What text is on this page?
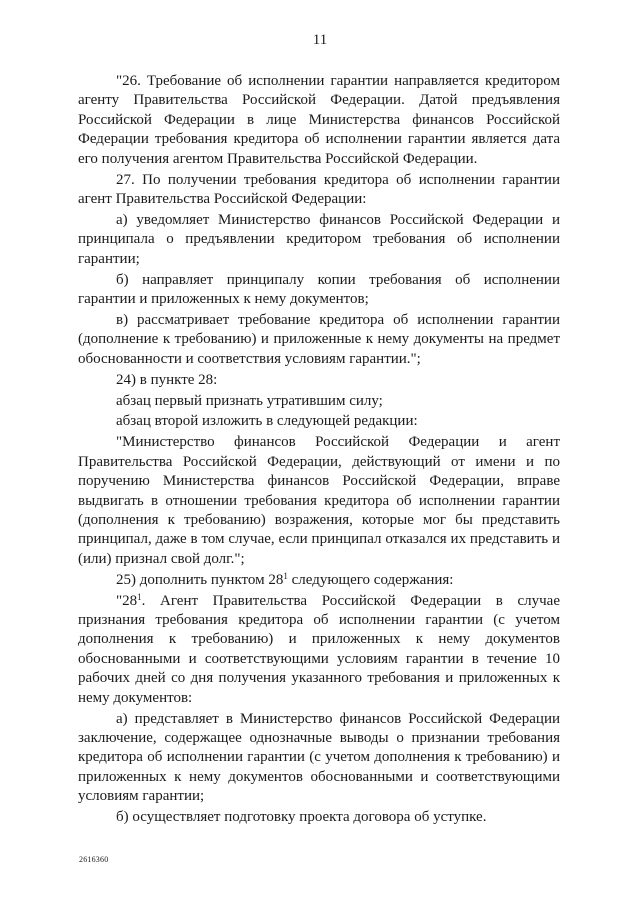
11

"26. Требование об исполнении гарантии направляется кредитором агенту Правительства Российской Федерации. Датой предъявления Российской Федерации в лице Министерства финансов Российской Федерации требования кредитора об исполнении гарантии является дата его получения агентом Правительства Российской Федерации.

27. По получении требования кредитора об исполнении гарантии агент Правительства Российской Федерации:

а) уведомляет Министерство финансов Российской Федерации и принципала о предъявлении кредитором требования об исполнении гарантии;

б) направляет принципалу копии требования об исполнении гарантии и приложенных к нему документов;

в) рассматривает требование кредитора об исполнении гарантии (дополнение к требованию) и приложенные к нему документы на предмет обоснованности и соответствия условиям гарантии.";

24) в пункте 28:

абзац первый признать утратившим силу;

абзац второй изложить в следующей редакции:

"Министерство финансов Российской Федерации и агент Правительства Российской Федерации, действующий от имени и по поручению Министерства финансов Российской Федерации, вправе выдвигать в отношении требования кредитора об исполнении гарантии (дополнения к требованию) возражения, которые мог бы представить принципал, даже в том случае, если принципал отказался их представить и (или) признал свой долг.";

25) дополнить пунктом $28^1$ следующего содержания:

"$28^1$. Агент Правительства Российской Федерации в случае признания требования кредитора об исполнении гарантии (с учетом дополнения к требованию) и приложенных к нему документов обоснованными и соответствующими условиям гарантии в течение 10 рабочих дней со дня получения указанного требования и приложенных к нему документов:

а) представляет в Министерство финансов Российской Федерации заключение, содержащее однозначные выводы о признании требования кредитора об исполнении гарантии (с учетом дополнения к требованию) и приложенных к нему документов обоснованными и соответствующими условиям гарантии;

б) осуществляет подготовку проекта договора об уступке.

2616360
